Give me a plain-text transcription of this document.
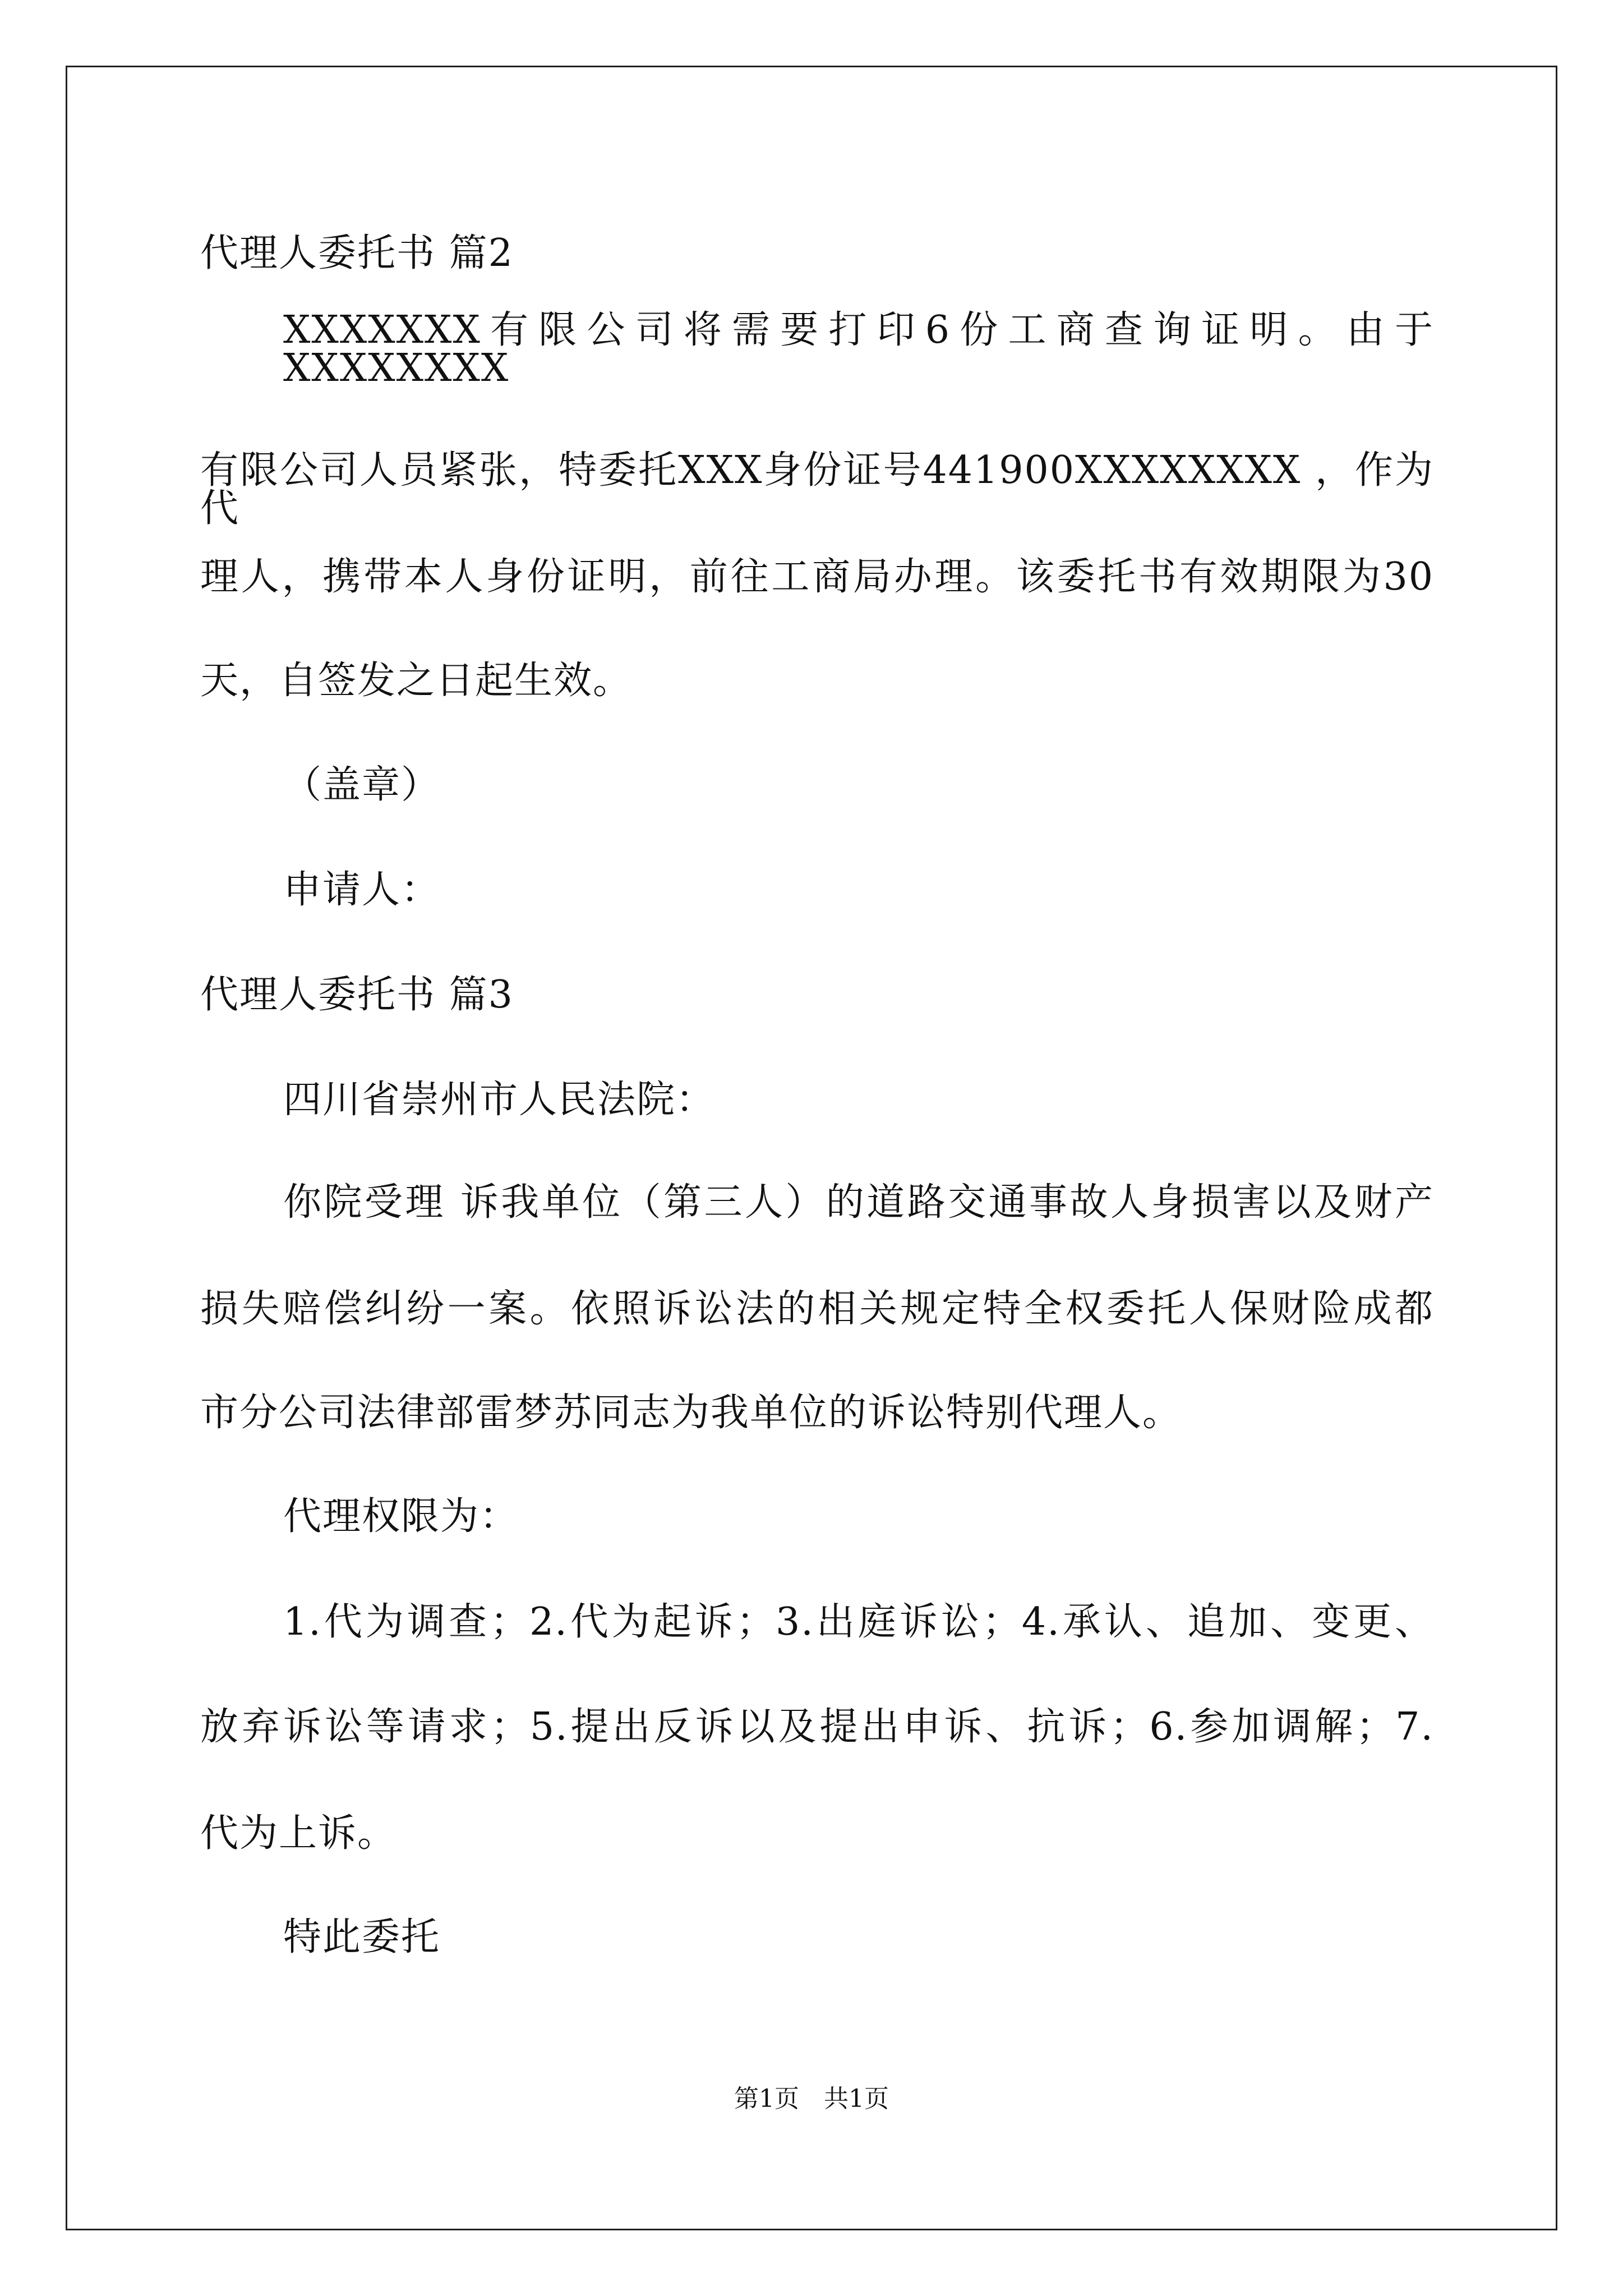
代理人委托书 篇2
XXXXXXX有限公司将需要打印6份工商查询证明。由于XXXXXXXX
有限公司人员紧张，特委托XXX身份证号441900XXXXXXXX ，作为代
理人，携带本人身份证明，前往工商局办理。该委托书有效期限为30
天，自签发之日起生效。
（盖章）
申请人：
代理人委托书 篇3
四川省崇州市人民法院：
你院受理 诉我单位（第三人）的道路交通事故人身损害以及财产
损失赔偿纠纷一案。依照诉讼法的相关规定特全权委托人保财险成都
市分公司法律部雷梦苏同志为我单位的诉讼特别代理人。
代理权限为：
1.代为调查；2.代为起诉；3.出庭诉讼；4.承认、追加、变更、
放弃诉讼等请求；5.提出反诉以及提出申诉、抗诉；6.参加调解；7.
代为上诉。
特此委托
第1页　共1页
